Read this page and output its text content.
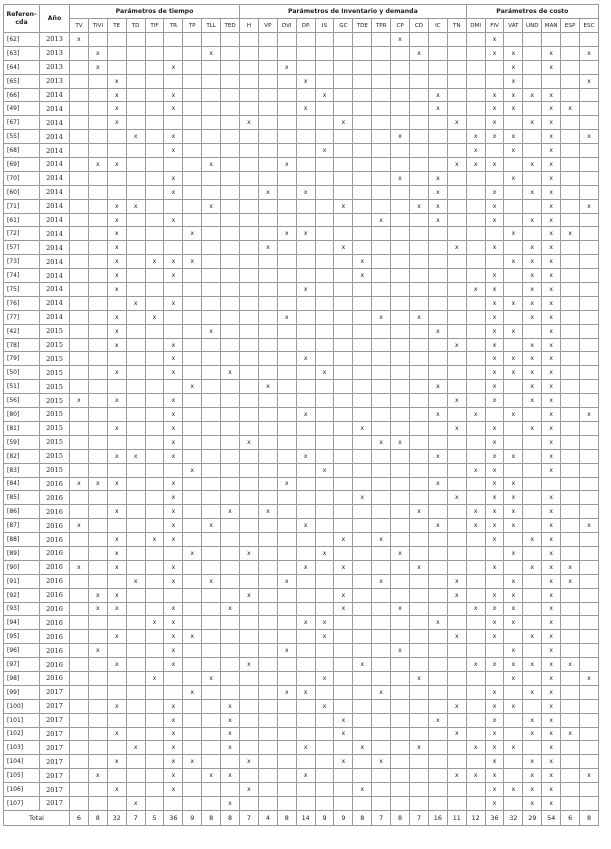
Referen-cda	Año	Parámetros de tiempo									Parámetros de Inventario y demanda												Parámetros de costo						
		TV	TIVI	TE	TD	TIF	TR	TP	TLL	TED	H	VP	DVI	DP	IS	GC	TDE	TPR	CP	CD	IC	TN	DMI	FIV	VAT	UND	MAN	ESP	ESC
[62]	2013	x																	x					x					
[63]	2013		x						x											x				x	x		x		x
[64]	2013		x				x						x												x		x		
[65]	2013			x										x											x				x
[66]	2014			x			x								x						x			x	x	x	x		
[49]	2014			x			x							x							x			x	x		x	x	
[67]	2014			x							x					x						x		x		x	x		
[55]	2014				x		x												x				x	x	x		x		x
[68]	2014						x								x								x		x		x		
[69]	2014		x	x					x				x									x	x	x		x	x		
[70]	2014						x												x		x				x		x		
[60]	2014						x					x		x							x			x		x	x		
[71]	2014			x	x				x							x				x	x			x			x		x
[61]	2014			x			x											x			x			x		x	x		
[72]	2014			x				x					x	x											x		x	x	
[57]	2014			x								x				x						x		x		x	x		
[73]	2014			x		x	x	x									x								x	x	x		
[74]	2014			x			x										x							x		x	x		
[75]	2014			x										x									x	x		x	x		
[76]	2014				x		x																	x	x	x	x		
[77]	2014			x		x							x					x		x				x		x	x		
[42]	2015			x					x												x			x	x		x		
[78]	2015			x			x															x		x		x	x		
[79]	2015						x							x										x	x	x	x		
[50]	2015			x			x			x					x									x	x	x	x		
[51]	2015							x				x									x			x		x	x		
[56]	2015	x		x			x															x		x		x	x		
[80]	2015						x							x							x		x		x		x		x
[81]	2015			x			x										x					x		x		x	x		
[59]	2015						x				x							x	x					x			x		
[82]	2015			x	x		x							x							x			x	x		x		
[83]	2015							x							x								x	x			x		
[84]	2016	x	x	x			x						x								x			x	x				
[85]	2016						x										x					x		x	x		x		
[86]	2016			x			x			x		x								x			x	x	x		x		
[87]	2016	x					x		x					x							x		x	x	x		x		x
[88]	2016			x		x	x									x		x						x		x	x		
[89]	2016			x				x			x				x				x						x		x		
[90]	2016	x		x			x							x		x				x				x		x	x	x	
[91]	2016				x		x		x				x					x				x			x		x	x	
[92]	2016		x	x							x					x						x		x	x		x		
[93]	2016		x	x			x			x						x			x				x	x	x		x		
[94]	2016					x	x							x	x						x			x	x		x		
[95]	2016			x			x	x							x							x		x		x	x		
[96]	2016		x				x						x						x						x		x		
[97]	2016			x			x				x						x						x	x	x	x	x	x	
[98]	2016					x			x						x					x					x		x		x
[99]	2017							x					x	x				x						x		x	x		
[100]	2017			x			x			x					x							x		x	x		x		
[101]	2017						x			x						x					x			x		x	x		
[102]	2017			x			x			x						x						x		x		x	x	x	
[103]	2017				x		x			x				x			x			x			x	x	x		x		
[104]	2017			x			x	x			x					x		x						x		x	x		
[105]	2017		x				x		x	x				x								x	x	x		x	x		x
[106]	2017			x			x				x						x							x	x	x	x		
[107]	2017				x					x														x		x	x		
Total		6	8	32	7	5	36	9	8	8	7	4	8	14	9	9	8	7	8	7	16	11	12	36	32	29	54	6	8
